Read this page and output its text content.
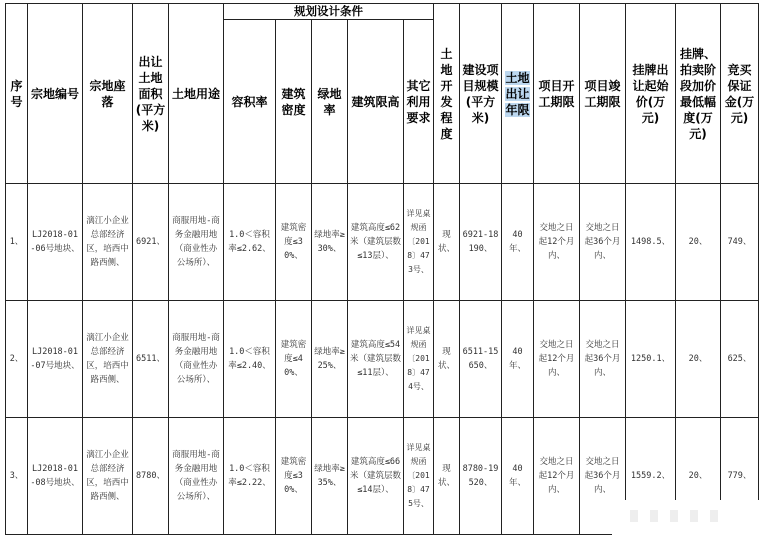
序号	宗地编号	宗地座落	出让土地面积(平方米)	土地用途	规划设计条件					土地开发程度	建设项目规模(平方米)	土地出让年限	项目开工期限	项目竣工期限	挂牌出让起始价(万元)	挂牌、拍卖阶段加价最低幅度(万元)	竞买保证金(万元)
					容积率	建筑密度	绿地率	建筑限高	其它利用要求								
1、	LJ2018-01-06号地块、	漓江小企业总部经济区，培西中路西侧、	6921、	商服用地-商务金融用地（商业性办公场所）、	1.0＜容积率≤2.62、	建筑密度≤30%、	绿地率≥30%、	建筑高度≤62米（建筑层数≤13层）、	详见桌规函〔2018〕473号、	现状、	6921-18190、	40年、	交地之日起12个月内、	交地之日起36个月内、	1498.5、	20、	749、
2、	LJ2018-01-07号地块、	漓江小企业总部经济区，培西中路西侧、	6511、	商服用地-商务金融用地（商业性办公场所）、	1.0＜容积率≤2.40、	建筑密度≤40%、	绿地率≥25%、	建筑高度≤54米（建筑层数≤11层）、	详见桌规函〔2018〕474号、	现状、	6511-15650、	40年、	交地之日起12个月内、	交地之日起36个月内、	1250.1、	20、	625、
3、	LJ2018-01-08号地块、	漓江小企业总部经济区，培西中路西侧、	8780、	商服用地-商务金融用地（商业性办公场所）、	1.0＜容积率≤2.22、	建筑密度≤30%、	绿地率≥35%、	建筑高度≤66米（建筑层数≤14层）、	详见桌规函〔2018〕475号、	现状、	8780-19520、	40年、	交地之日起12个月内、	交地之日起36个月内、	1559.2、	20、	779、
